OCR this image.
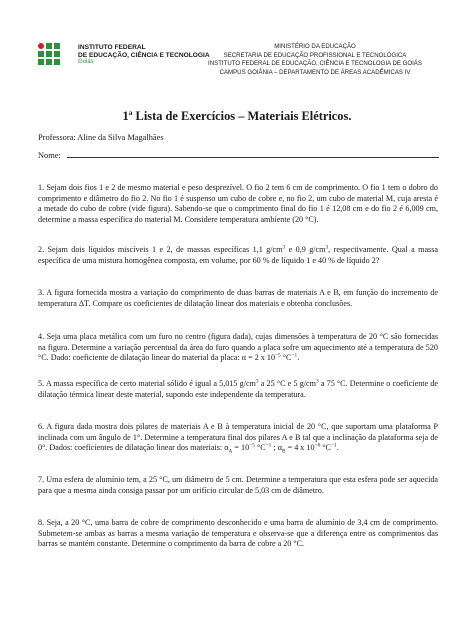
INSTITUTO FEDERAL
DE EDUCAÇÃO, CIÊNCIA E TECNOLOGIA
Goiás
MINISTÉRIO DA EDUCAÇÃO
SECRETARIA DE EDUCAÇÃO PROFISSIONAL E TECNOLÓGICA
INSTITUTO FEDERAL DE EDUCAÇÃO, CIÊNCIA E TECNOLOGIA DE GOIÁS
CAMPUS GOIÂNIA – DEPARTAMENTO DE ÁREAS ACADÊMICAS IV
1ª Lista de Exercícios – Materiais Elétricos.
Professora: Aline da Silva Magalhães
Nome:
1. Sejam dois fios 1 e 2 de mesmo material e peso desprezível. O fio 2 tem 6 cm de comprimento. O fio 1 tem o dobro do comprimento e diâmetro do fio 2. No fio 1 é suspenso um cubo de cobre e, no fio 2, um cubo de material M, cuja aresta é a metade do cubo de cobre (vide figura). Sabendo-se que o comprimento final do fio 1 é 12,08 cm e do fio 2 é 6,009 cm, determine a massa específica do material M. Considere temperatura ambiente (20 °C).
2. Sejam dois líquidos miscíveis 1 e 2, de massas específicas 1,1 $g/cm^3$ e 0,9 $g/cm^3$, respectivamente. Qual a massa específica de uma mistura homogênea composta, em volume, por 60 % de líquido 1 e 40 % de líquido 2?
3. A figura fornecida mostra a variação do comprimento de duas barras de materiais A e B, em função do incremento de temperatura ΔT. Compare os coeficientes de dilatação linear dos materiais e obtenha conclusões.
4. Seja uma placa metálica com um furo no centro (figura dada), cujas dimensões à temperatura de 20 °C são fornecidas na figura. Determine a variação percentual da área do furo quando a placa sofre um aquecimento até a temperatura de 520 °C. Dado: coeficiente de dilatação linear do material da placa: α = 2 x $10^{-5}$ $^\circ C^{-1}$.
5. A massa específica de certo material sólido é igual a 5,015 $g/cm^3$ a 25 °C e 5 $g/cm^3$ a 75 °C. Determine o coeficiente de dilatação térmica linear deste material, supondo este independente da temperatura.
6. A figura dada mostra dois pilares de materiais A e B à temperatura inicial de 20 °C, que suportam uma plataforma P inclinada com um ângulo de 1°. Determine a temperatura final dos pilares A e B tal que a inclinação da plataforma seja de 0°. Dados: coeficientes de dilatação linear dos materiais: $\alpha_A = 10^{-5}$ $^\circ C^{-1}$ ; $\alpha_B = 4$ x $10^{-6}$ $^\circ C^{-1}$.
7. Uma esfera de alumínio tem, a 25 °C, um diâmetro de 5 cm. Determine a temperatura que esta esfera pode ser aquecida para que a mesma ainda consiga passar por um orifício circular de 5,03 cm de diâmetro.
8. Seja, a 20 °C, uma barra de cobre de comprimento desconhecido e uma barra de alumínio de 3,4 cm de comprimento. Submetem-se ambas as barras a mesma variação de temperatura e observa-se que a diferença entre os comprimentos das barras se mantém constante. Determine o comprimento da barra de cobre a 20 °C.
